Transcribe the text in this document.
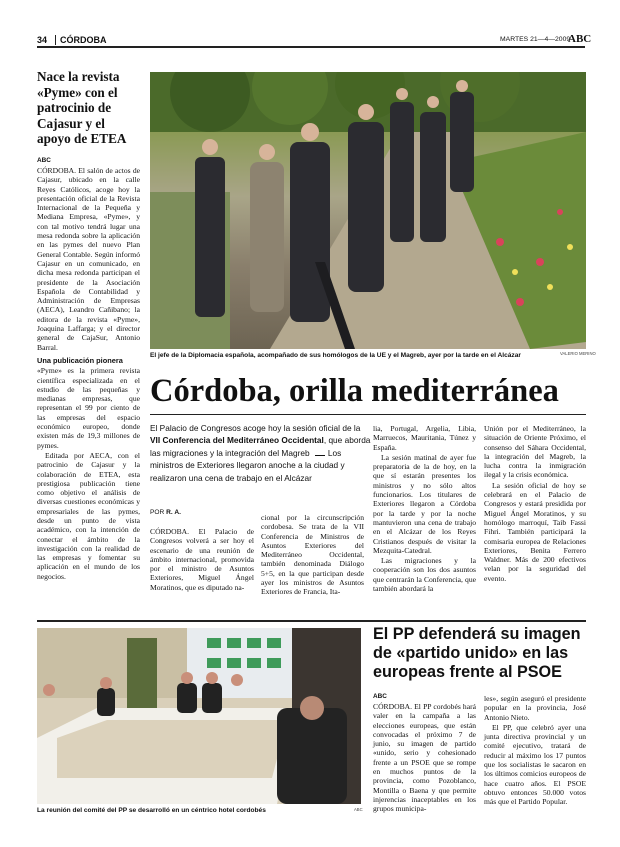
34 CÓRDOBA	MARTES 21—4—2009
ABC
Nace la revista «Pyme» con el patrocinio de Cajasur y el apoyo de ETEA
ABC

CÓRDOBA. El salón de actos de Cajasur, ubicado en la calle Reyes Católicos, acoge hoy la presentación oficial de la Revista Internacional de la Pequeña y Mediana Empresa, «Pyme», y con tal motivo tendrá lugar una mesa redonda sobre la aplicación en las pymes del nuevo Plan General Contable. Según informó Cajasur en un comunicado, en dicha mesa redonda participan el presidente de la Asociación Española de Contabilidad y Administración de Empresas (AECA), Leandro Cañibano; la editora de la revista «Pyme», Joaquina Laffarga; y el director general de CajaSur, Antonio Barral.

Una publicación pionera

«Pyme» es la primera revista científica especializada en el estudio de las pequeñas y medianas empresas, que representan el 99 por ciento de las empresas del espacio económico europeo, donde existen más de 19,3 millones de pymes.

Editada por AECA, con el patrocinio de Cajasur y la colaboración de ETEA, esta prestigiosa publicación tiene como objetivo el análisis de diversas cuestiones económicas y empresariales de las pymes, desde un punto de vista académico, con la intención de conectar el ámbito de la investigación con la realidad de las empresas y fomentar su aplicación en el mundo de los negocios.

El jefe de la Diplomacia española, acompañado de sus homólogos de la UE y el Magreb, ayer por la tarde en el Alcázar	VALERIO MERINO
Córdoba, orilla mediterránea
El Palacio de Congresos acoge hoy la sesión oficial de la VII Conferencia del Mediterráneo Occidental, que aborda las migraciones y la integración del Magreb Los ministros de Exteriores llegaron anoche a la ciudad y realizaron una cena de trabajo en el Alcázar
POR R. A.

CÓRDOBA. El Palacio de Congresos volverá a ser hoy el escenario de una reunión de ámbito internacional, promovida por el ministro de Asuntos Exteriores, Miguel Ángel Moratinos, que es diputado na-

cional por la circunscripción cordobesa. Se trata de la VII Conferencia de Ministros de Asuntos Exteriores del Mediterráneo Occidental, también denominada Diálogo 5+5, en la que participan desde ayer los ministros de Asuntos Exteriores de Francia, Ita-

lia, Portugal, Argelia, Libia, Marruecos, Mauritania, Túnez y España.

La sesión matinal de ayer fue preparatoria de la de hoy, en la que sí estarán presentes los ministros y no sólo altos funcionarios. Los titulares de Exteriores llegaron a Córdoba por la tarde y por la noche mantuvieron una cena de trabajo en el Alcázar de los Reyes Cristianos después de visitar la Mezquita-Catedral.

Las migraciones y la cooperación son los dos asuntos que centrarán la Conferencia, que también abordará la

Unión por el Mediterráneo, la situación de Oriente Próximo, el consenso del Sáhara Occidental, la integración del Magreb, la lucha contra la inmigración ilegal y la crisis económica.

La sesión oficial de hoy se celebrará en el Palacio de Congresos y estará presidida por Miguel Ángel Moratinos, y su homólogo marroquí, Taib Fassi Fihri. También participará la comisaria europea de Relaciones Exteriores, Benita Ferrero Waldner. Más de 200 efectivos velan por la seguridad del evento.

La reunión del comité del PP se desarrolló en un céntrico hotel cordobés	ABC
El PP defenderá su imagen de «partido unido» en las europeas frente al PSOE
ABC

CÓRDOBA. El PP cordobés hará valer en la campaña a las elecciones europeas, que están convocadas el próximo 7 de junio, su imagen de partido «unido, serio y cohesionado frente a un PSOE que se rompe en muchos puntos de la provincia, como Pozoblanco, Montilla o Baena y que permite injerencias inaceptables en los grupos municipa-

les», según aseguró el presidente popular en la provincia, José Antonio Nieto.

El PP, que celebró ayer una junta directiva provincial y un comité ejecutivo, tratará de reducir al máximo los 17 puntos que los socialistas le sacaron en los últimos comicios europeos de hace cuatro años. El PSOE obtuvo entonces 50.000 votos más que el Partido Popular.
